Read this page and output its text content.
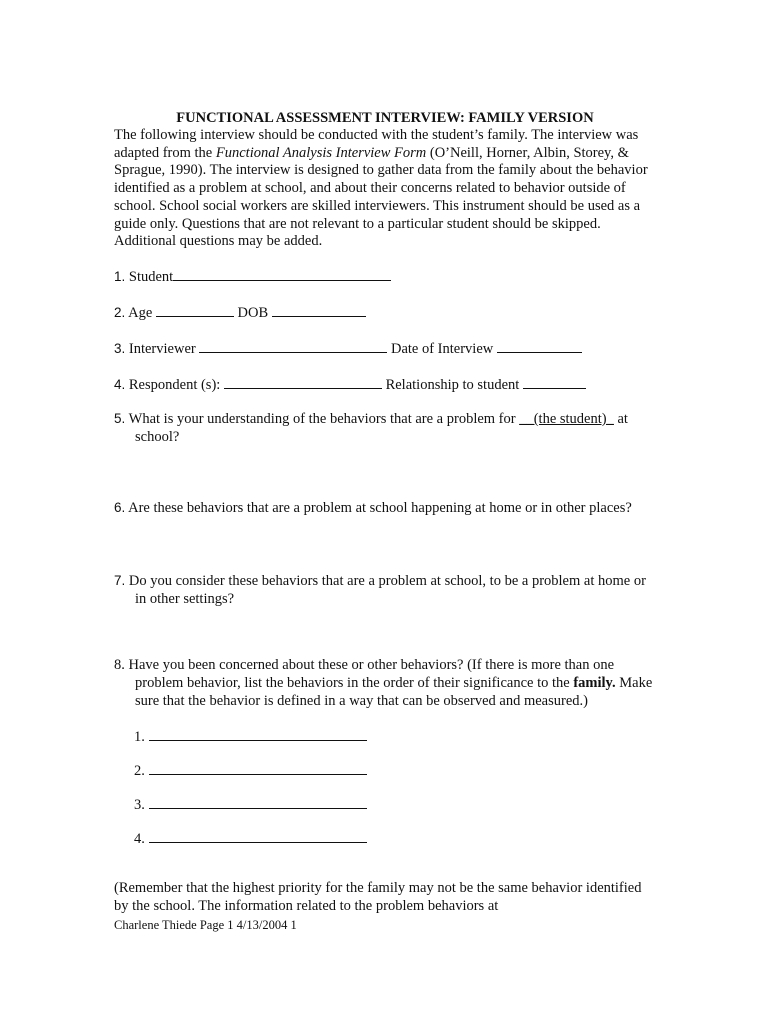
FUNCTIONAL ASSESSMENT INTERVIEW: FAMILY VERSION
The following interview should be conducted with the student’s family. The interview was
adapted from the Functional Analysis Interview Form (O’Neill, Horner, Albin, Storey, &
Sprague, 1990). The interview is designed to gather data from the family about the behavior
identified as a problem at school, and about their concerns related to behavior outside of
school. School social workers are skilled interviewers. This instrument should be used as a
guide only. Questions that are not relevant to a particular student should be skipped.
Additional questions may be added.
1. Student
2. Age	DOB
3. Interviewer	Date of Interview
4. Respondent (s):	Relationship to student
5. What is your understanding of the behaviors that are a problem for __(the student)_ at
school?
6. Are these behaviors that are a problem at school happening at home or in other places?
7. Do you consider these behaviors that are a problem at school, to be a problem at home or
in other settings?
8. Have you been concerned about these or other behaviors? (If there is more than one
problem behavior, list the behaviors in the order of their significance to the family. Make
sure that the behavior is defined in a way that can be observed and measured.)
1.
2.
3.
4.
(Remember that the highest priority for the family may not be the same behavior identified
by the school. The information related to the problem behaviors at
Charlene Thiede Page 1 4/13/2004 1
